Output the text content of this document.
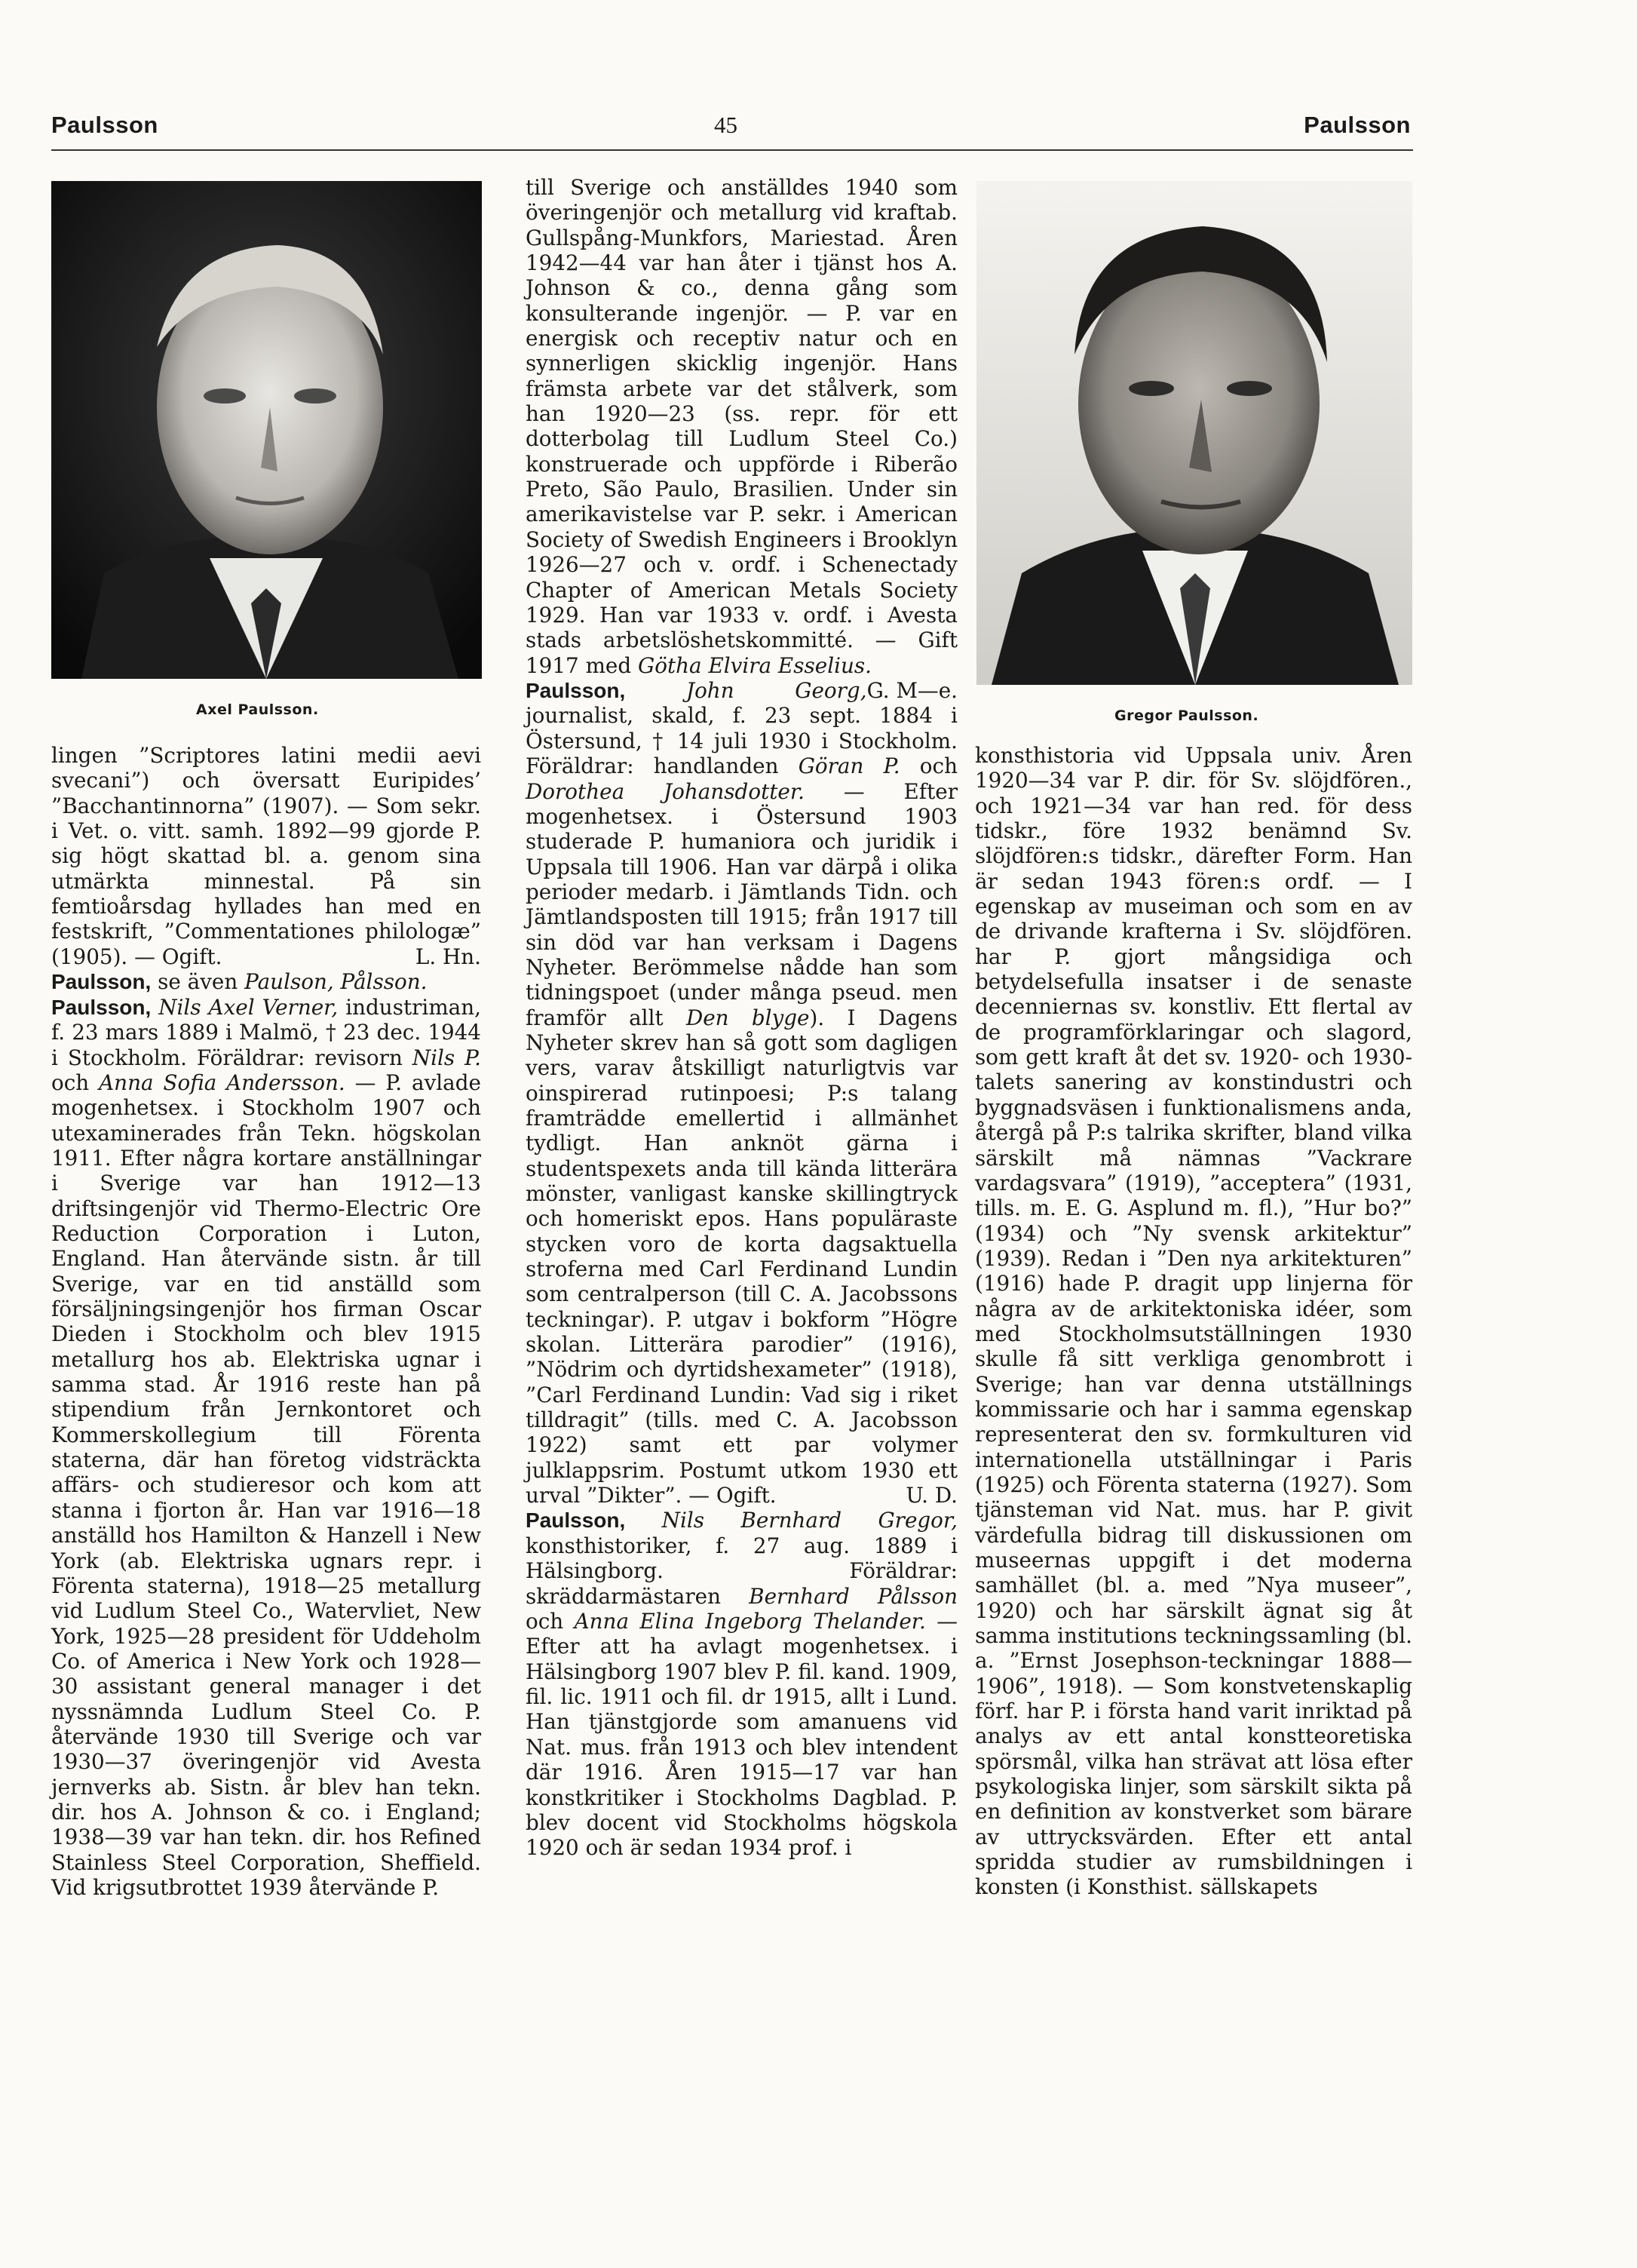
Paulsson	45	Paulsson
Axel Paulsson.	Gregor Paulsson.

lingen ”Scriptores latini medii aevi svecani”) och översatt Euripides’ ”Bacchantinnorna” (1907). — Som sekr. i Vet. o. vitt. samh. 1892—99 gjorde P. sig högt skattad bl. a. genom sina utmärkta minnestal. På sin femtioårsdag hyllades han med en festskrift, ”Commentationes philologæ” (1905). — Ogift.	L. Hn.

Paulsson, se även Paulson, Pålsson.

Paulsson, Nils Axel Verner, industriman, f. 23 mars 1889 i Malmö, † 23 dec. 1944 i Stockholm. Föräldrar: revisorn Nils P. och Anna Sofia Andersson. — P. avlade mogenhetsex. i Stockholm 1907 och utexaminerades från Tekn. högskolan 1911. Efter några kortare anställningar i Sverige var han 1912—13 driftsingenjör vid Thermo-Electric Ore Reduction Corporation i Luton, England. Han återvände sistn. år till Sverige, var en tid anställd som försäljningsingenjör hos firman Oscar Dieden i Stockholm och blev 1915 metallurg hos ab. Elektriska ugnar i samma stad. År 1916 reste han på stipendium från Jernkontoret och Kommerskollegium till Förenta staterna, där han företog vidsträckta affärs- och studieresor och kom att stanna i fjorton år. Han var 1916—18 anställd hos Hamilton & Hanzell i New York (ab. Elektriska ugnars repr. i Förenta staterna), 1918—25 metallurg vid Ludlum Steel Co., Watervliet, New York, 1925—28 president för Uddeholm Co. of America i New York och 1928—30 assistant general manager i det nyssnämnda Ludlum Steel Co. P. återvände 1930 till Sverige och var 1930—37 överingenjör vid Avesta jernverks ab. Sistn. år blev han tekn. dir. hos A. Johnson & co. i England; 1938—39 var han tekn. dir. hos Refined Stainless Steel Corporation, Sheffield. Vid krigsutbrottet 1939 återvände P.

till Sverige och anställdes 1940 som överingenjör och metallurg vid kraftab. Gullspång-Munkfors, Mariestad. Åren 1942—44 var han åter i tjänst hos A. Johnson & co., denna gång som konsulterande ingenjör. — P. var en energisk och receptiv natur och en synnerligen skicklig ingenjör. Hans främsta arbete var det stålverk, som han 1920—23 (ss. repr. för ett dotterbolag till Ludlum Steel Co.) konstruerade och uppförde i Riberão Preto, São Paulo, Brasilien. Under sin amerikavistelse var P. sekr. i American Society of Swedish Engineers i Brooklyn 1926—27 och v. ordf. i Schenectady Chapter of American Metals Society 1929. Han var 1933 v. ordf. i Avesta stads arbetslöshetskommitté. — Gift 1917 med Götha Elvira Esselius.
G. M—e.

Paulsson,	John Georg, journalist, skald, f. 23 sept. 1884 i Östersund, † 14 juli 1930 i Stockholm. Föräldrar: handlanden Göran P. och Dorothea Johansdotter. — Efter mogenhetsex. i Östersund 1903 studerade P. humaniora och juridik i Uppsala till 1906. Han var därpå i olika perioder medarb. i Jämtlands Tidn. och Jämtlandsposten till 1915; från 1917 till sin död var han verksam i Dagens Nyheter. Berömmelse nådde han som tidningspoet (under många pseud. men framför allt Den blyge). I Dagens Nyheter skrev han så gott som dagligen vers, varav åtskilligt naturligtvis var oinspirerad rutinpoesi; P:s talang framträdde emellertid i allmänhet tydligt. Han anknöt gärna i studentspexets anda till kända litterära mönster, vanligast kanske skillingtryck och homeriskt epos. Hans populäraste stycken voro de korta dagsaktuella stroferna med Carl Ferdinand Lundin som centralperson (till C. A. Jacobssons teckningar). P. utgav i bokform ”Högre skolan. Litterära parodier” (1916), ”Nödrim och dyrtidshexameter” (1918), ”Carl Ferdinand Lundin: Vad sig i riket tilldragit” (tills. med C. A. Jacobsson 1922) samt ett par volymer julklappsrim. Postumt utkom 1930 ett urval ”Dikter”. — Ogift.	U. D.

Paulsson, Nils Bernhard Gregor, konsthistoriker, f. 27 aug. 1889 i Hälsingborg. Föräldrar: skräddarmästaren Bernhard Pålsson och Anna Elina Ingeborg Thelander. — Efter att ha avlagt mogenhetsex. i Hälsingborg 1907 blev P. fil. kand. 1909, fil. lic. 1911 och fil. dr 1915, allt i Lund. Han tjänstgjorde som amanuens vid Nat. mus. från 1913 och blev intendent där 1916. Åren 1915—17 var han konstkritiker i Stockholms Dagblad. P. blev docent vid Stockholms högskola 1920 och är sedan 1934 prof. i

konsthistoria vid Uppsala univ. Åren 1920—34 var P. dir. för Sv. slöjdfören., och 1921—34 var han red. för dess tidskr., före 1932 benämnd Sv. slöjdfören:s tidskr., därefter Form. Han är sedan 1943 fören:s ordf. — I egenskap av museiman och som en av de drivande krafterna i Sv. slöjdfören. har P. gjort mångsidiga och betydelsefulla insatser i de senaste decenniernas sv. konstliv. Ett flertal av de programförklaringar och slagord, som gett kraft åt det sv. 1920- och 1930-talets sanering av konstindustri och byggnadsväsen i funktionalismens anda, återgå på P:s talrika skrifter, bland vilka särskilt må nämnas ”Vackrare vardagsvara” (1919), ”acceptera” (1931, tills. m. E. G. Asplund m. fl.), ”Hur bo?” (1934) och ”Ny svensk arkitektur” (1939). Redan i ”Den nya arkitekturen” (1916) hade P. dragit upp linjerna för några av de arkitektoniska idéer, som med Stockholmsutställningen 1930 skulle få sitt verkliga genombrott i Sverige; han var denna utställnings kommissarie och har i samma egenskap representerat den sv. formkulturen vid internationella utställningar i Paris (1925) och Förenta staterna (1927). Som tjänsteman vid Nat. mus. har P. givit värdefulla bidrag till diskussionen om museernas uppgift i det moderna samhället (bl. a. med ”Nya museer”, 1920) och har särskilt ägnat sig åt samma institutions teckningssamling (bl. a. ”Ernst Josephson-teckningar 1888—1906”, 1918). — Som konstvetenskaplig förf. har P. i första hand varit inriktad på analys av ett antal konstteoretiska spörsmål, vilka han strävat att lösa efter psykologiska linjer, som särskilt sikta på en definition av konstverket som bärare av uttrycksvärden. Efter ett antal spridda studier av rumsbildningen i konsten (i Konsthist. sällskapets
